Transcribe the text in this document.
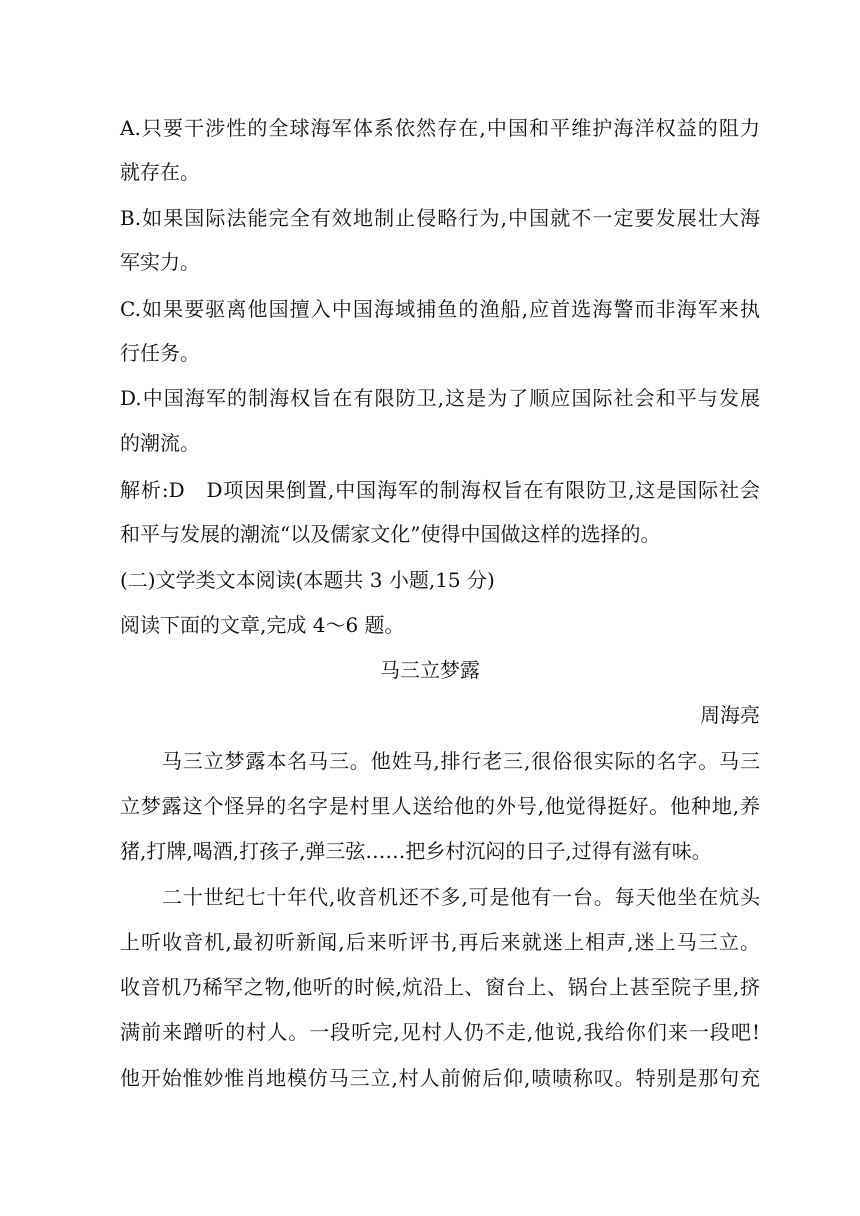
A.只要干涉性的全球海军体系依然存在,中国和平维护海洋权益的阻力
就存在。
B.如果国际法能完全有效地制止侵略行为,中国就不一定要发展壮大海
军实力。
C.如果要驱离他国擅入中国海域捕鱼的渔船,应首选海警而非海军来执
行任务。
D.中国海军的制海权旨在有限防卫,这是为了顺应国际社会和平与发展
的潮流。
解析:D　D项因果倒置,中国海军的制海权旨在有限防卫,这是国际社会
和平与发展的潮流“以及儒家文化”使得中国做这样的选择的。
(二)文学类文本阅读(本题共 3 小题,15 分)
阅读下面的文章,完成 4～6 题。
马三立梦露
周海亮
马三立梦露本名马三。他姓马,排行老三,很俗很实际的名字。马三
立梦露这个怪异的名字是村里人送给他的外号,他觉得挺好。他种地,养
猪,打牌,喝酒,打孩子,弹三弦……把乡村沉闷的日子,过得有滋有味。
二十世纪七十年代,收音机还不多,可是他有一台。每天他坐在炕头
上听收音机,最初听新闻,后来听评书,再后来就迷上相声,迷上马三立。
收音机乃稀罕之物,他听的时候,炕沿上、窗台上、锅台上甚至院子里,挤
满前来蹭听的村人。一段听完,见村人仍不走,他说,我给你们来一段吧!
他开始惟妙惟肖地模仿马三立,村人前俯后仰,啧啧称叹。特别是那句充
